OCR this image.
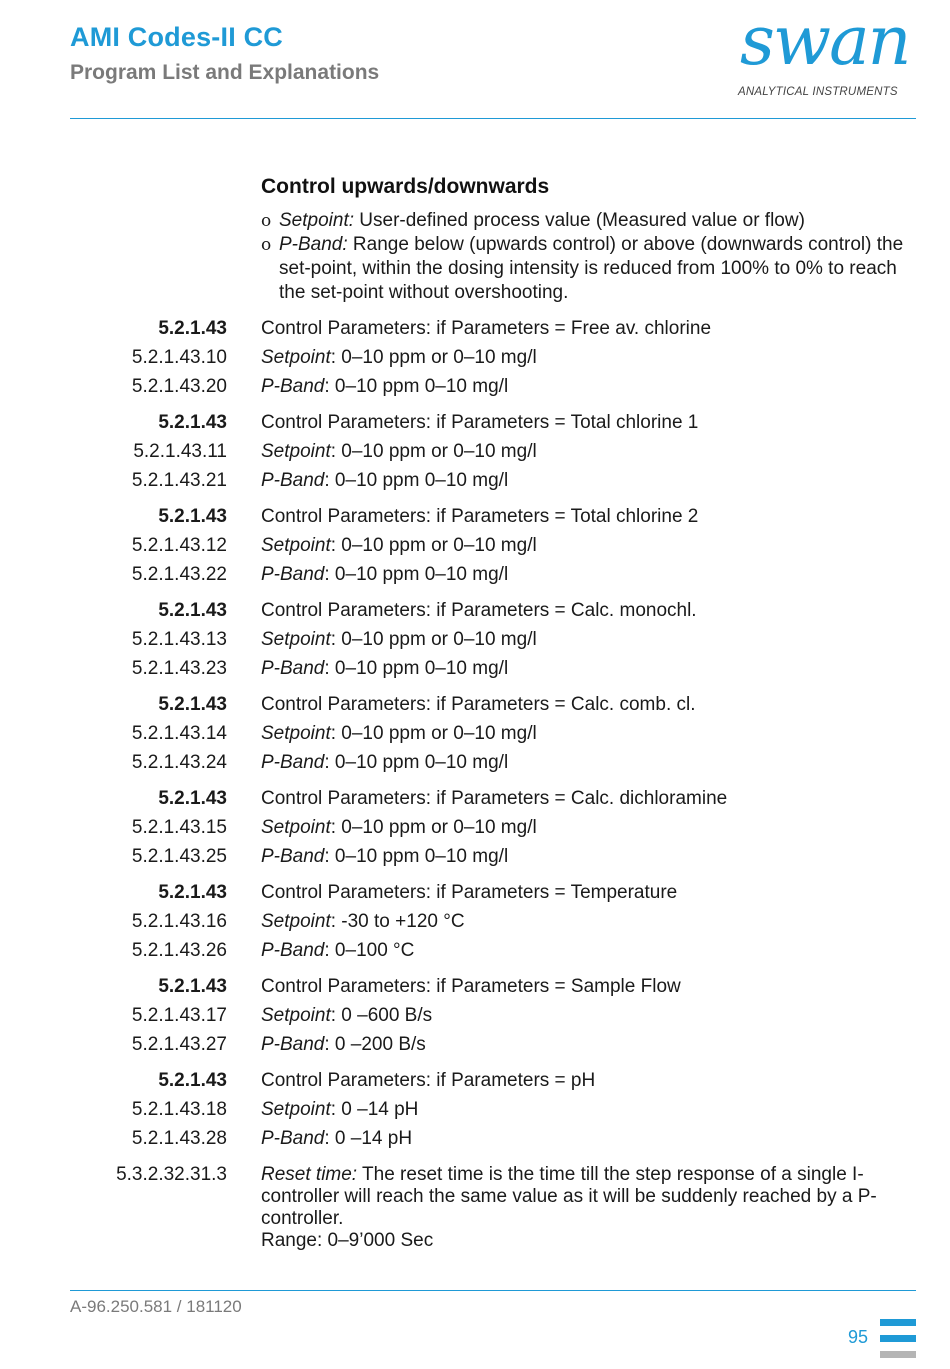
AMI Codes-II CC
Program List and Explanations	swan
ANALYTICAL INSTRUMENTS
Control upwards/downwards
o Setpoint: User-defined process value (Measured value or flow)
o P-Band: Range below (upwards control) or above (downwards control) the set-point, within the dosing intensity is reduced from 100% to 0% to reach the set-point without overshooting.
5.2.1.43 Control Parameters: if Parameters = Free av. chlorine
5.2.1.43.10 Setpoint: 0–10 ppm or 0–10 mg/l
5.2.1.43.20 P-Band: 0–10 ppm 0–10 mg/l
5.2.1.43 Control Parameters: if Parameters = Total chlorine 1
5.2.1.43.11 Setpoint: 0–10 ppm or 0–10 mg/l
5.2.1.43.21 P-Band: 0–10 ppm 0–10 mg/l
5.2.1.43 Control Parameters: if Parameters = Total chlorine 2
5.2.1.43.12 Setpoint: 0–10 ppm or 0–10 mg/l
5.2.1.43.22 P-Band: 0–10 ppm 0–10 mg/l
5.2.1.43 Control Parameters: if Parameters = Calc. monochl.
5.2.1.43.13 Setpoint: 0–10 ppm or 0–10 mg/l
5.2.1.43.23 P-Band: 0–10 ppm 0–10 mg/l
5.2.1.43 Control Parameters: if Parameters = Calc. comb. cl.
5.2.1.43.14 Setpoint: 0–10 ppm or 0–10 mg/l
5.2.1.43.24 P-Band: 0–10 ppm 0–10 mg/l
5.2.1.43 Control Parameters: if Parameters = Calc. dichloramine
5.2.1.43.15 Setpoint: 0–10 ppm or 0–10 mg/l
5.2.1.43.25 P-Band: 0–10 ppm 0–10 mg/l
5.2.1.43 Control Parameters: if Parameters = Temperature
5.2.1.43.16 Setpoint: -30 to +120 °C
5.2.1.43.26 P-Band: 0–100 °C
5.2.1.43 Control Parameters: if Parameters = Sample Flow
5.2.1.43.17 Setpoint: 0 –600 B/s
5.2.1.43.27 P-Band: 0 –200 B/s
5.2.1.43 Control Parameters: if Parameters = pH
5.2.1.43.18 Setpoint: 0 –14 pH
5.2.1.43.28 P-Band: 0 –14 pH
5.3.2.32.31.3 Reset time: The reset time is the time till the step response of a single I-controller will reach the same value as it will be suddenly reached by a P-controller.
Range: 0–9’000 Sec
A-96.250.581 / 181120
95
